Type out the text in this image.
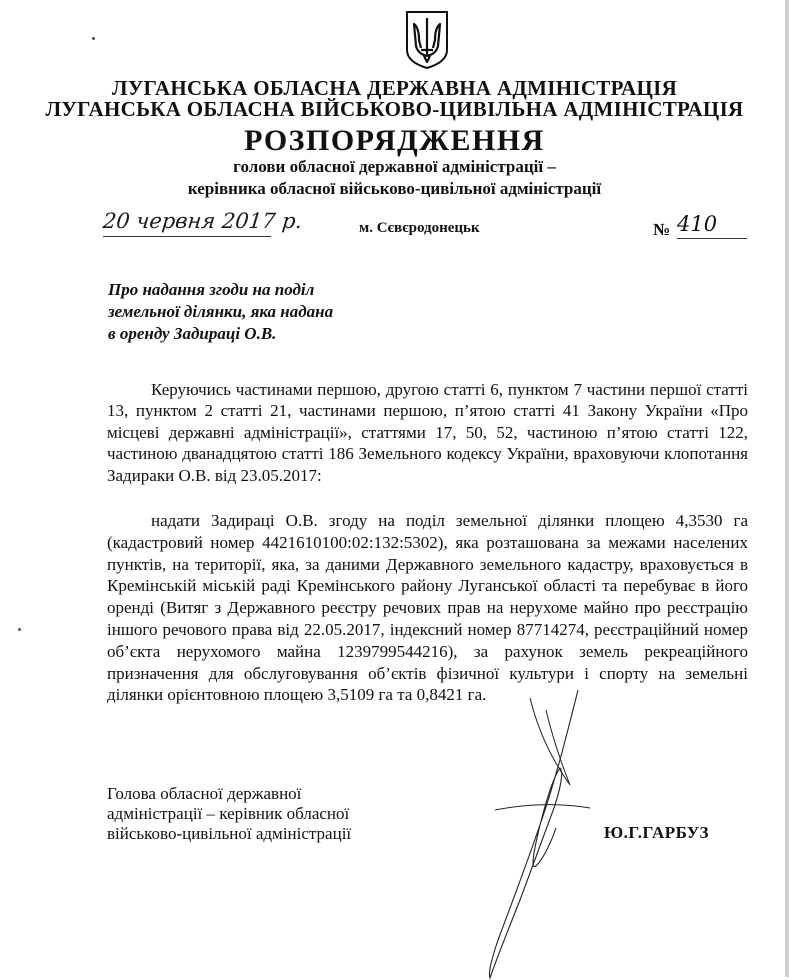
ЛУГАНСЬКА ОБЛАСНА ДЕРЖАВНА АДМІНІСТРАЦІЯ
ЛУГАНСЬКА ОБЛАСНА ВІЙСЬКОВО-ЦИВІЛЬНА АДМІНІСТРАЦІЯ
РОЗПОРЯДЖЕННЯ
голови обласної державної адміністрації –
керівника обласної військово-цивільної адміністрації
20 червня 2017 р.	м. Сєвєродонецьк	№ 410
Про надання згоди на поділ
земельної ділянки, яка надана
в оренду Задираці О.В.
Керуючись частинами першою, другою статті 6, пунктом 7 частини першої статті 13, пунктом 2 статті 21, частинами першою, п’ятою статті 41 Закону України «Про місцеві державні адміністрації», статтями 17, 50, 52, частиною п’ятою статті 122, частиною дванадцятою статті 186 Земельного кодексу України, враховуючи клопотання Задираки О.В. від 23.05.2017:
надати Задираці О.В. згоду на поділ земельної ділянки площею 4,3530 га (кадастровий номер 4421610100:02:132:5302), яка розташована за межами населених пунктів, на території, яка, за даними Державного земельного кадастру, враховується в Кремінській міській раді Кремінського району Луганської області та перебуває в його оренді (Витяг з Державного реєстру речових прав на нерухоме майно про реєстрацію іншого речового права від 22.05.2017, індексний номер 87714274, реєстраційний номер об’єкта нерухомого майна 1239799544216), за рахунок земель рекреаційного призначення для обслуговування об’єктів фізичної культури і спорту на земельні ділянки орієнтовною площею 3,5109 га та 0,8421 га.
Голова обласної державної
адміністрації – керівник обласної
військово-цивільної адміністрації	Ю.Г.ГАРБУЗ
